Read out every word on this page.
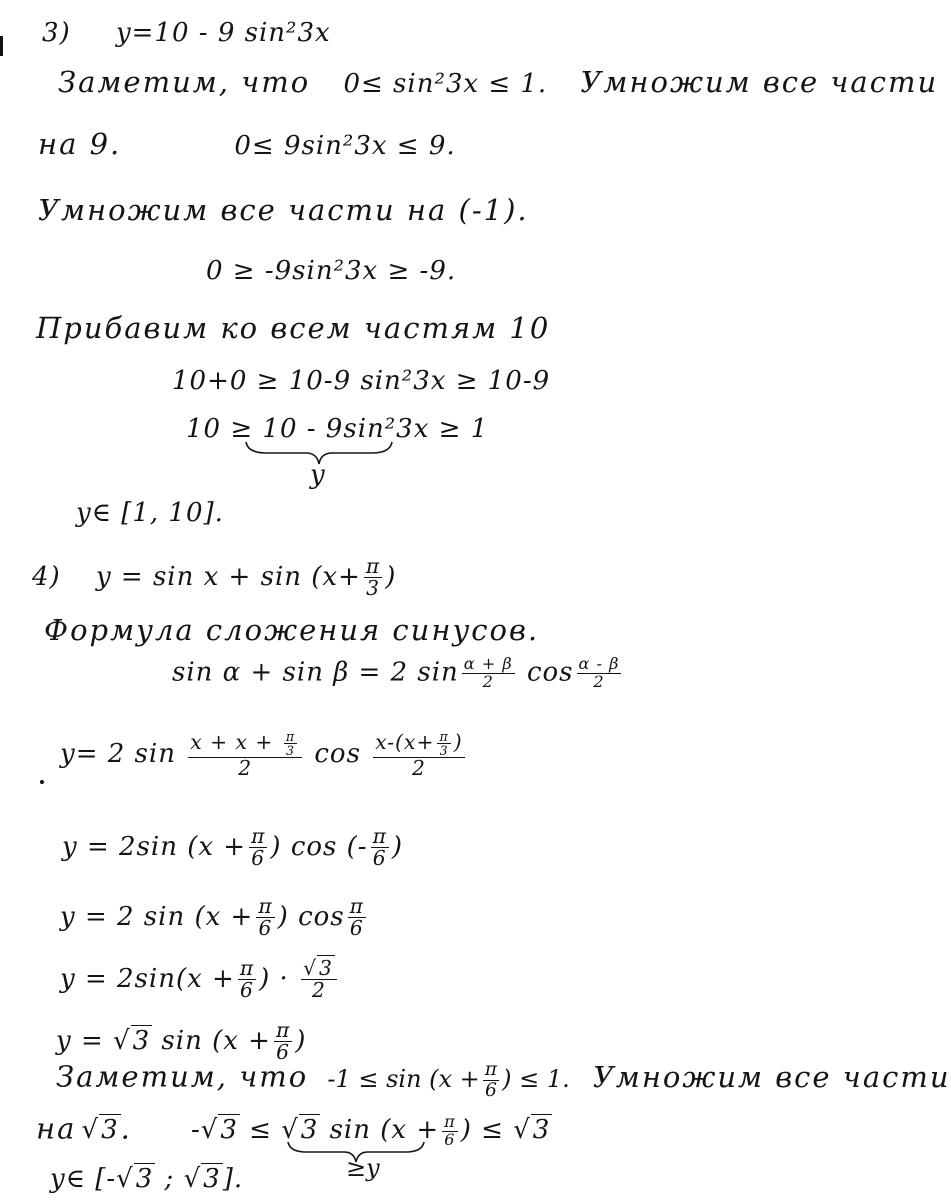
3) y=10 - 9 sin²3x
Заметим, что 0≤ sin²3x ≤ 1. Умножим все части
на 9.	0≤ 9sin²3x ≤ 9.
Умножим все части на (-1).
0 ≥ -9sin²3x ≥ -9.
Прибавим ко всем частям 10
10+0 ≥ 10-9 sin²3x ≥ 10-9
10 ≥ 10 - 9sin²3x ≥ 1
y
y∈ [1, 10].
4) $y = \sin x + \sin (x+ \frac{\pi}{3}$ )
Формула сложения синусов.
sin α + sin β = 2 $\sin \frac{\alpha + \beta}{2}$ $\cos \frac{\alpha - \beta}{2}$
y= 2 $\sin \frac{x + x + \frac{\pi}{3}}{2}$ $\cos \frac{x-(x+ \frac{\pi}{3} )}{2}$
y = 2sin ($x + \frac{\pi}{6}$ ) cos (- $\frac{\pi}{6}$ )
y = 2 $\sin (x + \frac{\pi}{6}$ ) $\cos \frac{\pi}{6}$
$y = 2\sin(x + \frac{\pi}{6}$ ) · $\frac{√3}{2}$
y = √3 $\sin (x + \frac{\pi}{6}$ )
Заметим, что $-1 \le \sin (x + \frac{\pi}{6}$ ) ≤ 1. Умножим все части
на √3. -√3 ≤ √3 $\sin (x + \frac{\pi}{6}$ ) ≤ √3
≥y
y∈ [-√3 ; √3].
